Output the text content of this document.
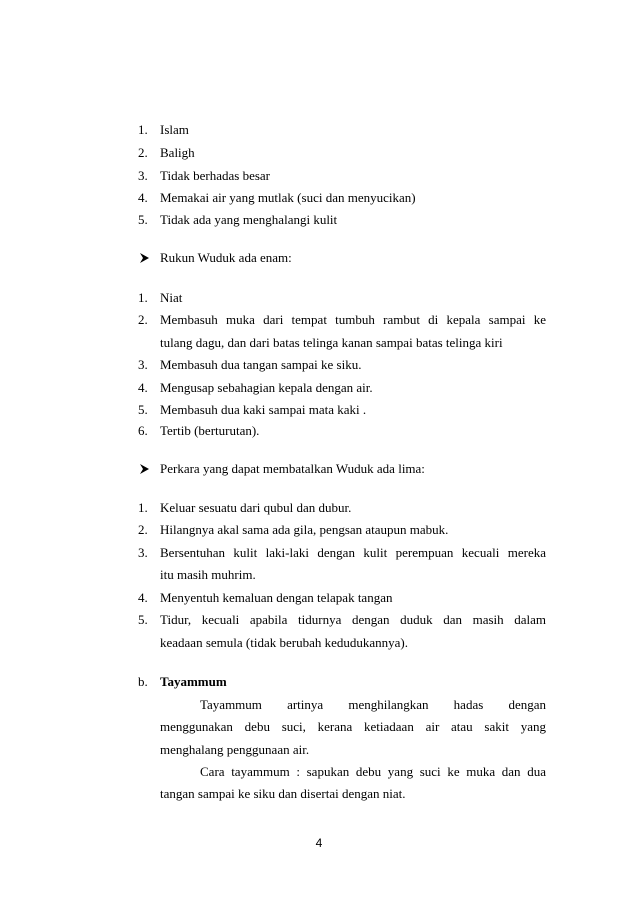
1. Islam
2. Baligh
3. Tidak berhadas besar
4. Memakai air yang mutlak (suci dan menyucikan)
5. Tidak ada yang menghalangi kulit
Rukun Wuduk ada enam:
1. Niat
2. Membasuh muka dari tempat tumbuh rambut di kepala sampai ke
tulang dagu, dan dari batas telinga kanan sampai batas telinga kiri
3. Membasuh dua tangan sampai ke siku.
4. Mengusap sebahagian kepala dengan air.
5. Membasuh dua kaki sampai mata kaki .
6. Tertib (berturutan).
Perkara yang dapat membatalkan Wuduk ada lima:
1. Keluar sesuatu dari qubul dan dubur.
2. Hilangnya akal sama ada gila, pengsan ataupun mabuk.
3. Bersentuhan kulit laki-laki dengan kulit perempuan kecuali mereka
itu masih muhrim.
4. Menyentuh kemaluan dengan telapak tangan
5. Tidur, kecuali apabila tidurnya dengan duduk dan masih dalam
keadaan semula (tidak berubah kedudukannya).
b. Tayammum
Tayammum artinya menghilangkan hadas dengan
menggunakan debu suci, kerana ketiadaan air atau sakit yang
menghalang penggunaan air.
Cara tayammum : sapukan debu yang suci ke muka dan dua
tangan sampai ke siku dan disertai dengan niat.
4
